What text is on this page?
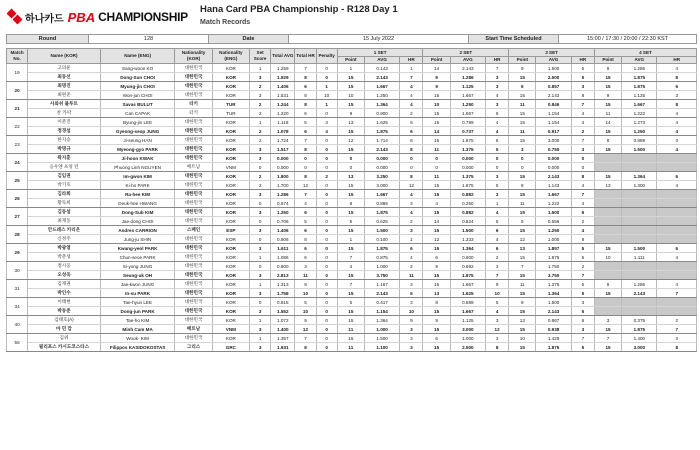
하나카드 PBA CHAMPIONSHIP
Hana Card PBA Championship - R128 Day 1
Match Records
Round	128	Date	15 July 2022	Start Time Scheduled	15:00 / 17:30 / 20:00 / 22:30 KST
Match No.	Name (KOR)	Name (ENG)	Nationality (KOR)	Nationality (ENG)	Set Score	Total AVG	Total HR	Penalty	1 SET			2 SET			3 SET			4 SET		
									Point	AVG	HR	Point	AVG	HR	Point	AVG	HR	Point	AVG	HR
19	고의운	Sang-woon KO	대한민국	KOR	1	1.259	7	0	1	0.143	1	14	2.143	7	9	1.500	5	9	1.286	4
	최동선	Dong-Sun CHOI	대한민국	KOR	3	1.929	8	0	15	2.143	7	9	1.286	3	15	2.500	5	15	1.875	8
20	최명진	Myung-jin CHOI	대한민국	KOR	2	1.406	6	1	15	1.667	4	9	1.125	3	6	0.857	3	15	1.875	6
	최원준	Won-jun CHOI	대한민국	KOR	3	1.531	8	10	10	1.250	4	15	1.667	4	15	2.143	8	9	1.125	3
21	사와쉬 불루트	Savas BULUT	터키	TUR	2	1.244	8	1	15	1.364	4	10	1.250	3	11	0.846	7	15	1.667	8
	찬 카팍	Can CAPAK	터키	TUR	2	1.220	6	0	9	0.900	2	15	1.667	6	15	1.154	4	11	1.222	4
22	이분진	Byung-jin LEE	대한민국	KOR	1	1.118	5	3	13	1.625	5	15	0.789	4	15	1.154	4	14	1.273	4
	정경섭	Gyeong-seop JUNG	대한민국	KOR	2	1.078	6	4	15	1.875	6	14	0.737	4	11	0.917	2	15	1.250	4
23	한지승	Ji-seung HAN	대한민국	KOR	2	1.724	7	0	12	1.714	6	15	1.875	6	15	3.000	7	8	0.889	3
	박명규	Myeong-gyo PARK	대한민국	KOR	3	1.517	8	0	15	2.143	8	11	1.375	5	3	0.750	3	15	1.500	4
24	곽지훈	Ji-hoon KWAK	대한민국	KOR	3	0.000	0	0	0	0.000	0	0	0.000	0	0	0.000	0			
	응우옌 프엉 린	Phuong Linh NGUYEN	베트남	VNM	0	0.000	0	0	0	0.000	0	0	0.000	0	0	0.000	0			
25	김임권	Im-gwon KIM	대한민국	KOR	2	1.800	8	2	13	3.250	8	11	1.375	3	15	2.143	8	15	1.364	6
	박기호	Ki-ho PARK	대한민국	KOR	2	1.700	12	0	15	3.000	12	15	1.875	5	8	1.143	4	13	1.300	4
26	김라희	Ra-hee KIM	대한민국	KOR	3	1.286	7	0	15	1.667	4	15	0.882	3	15	1.667	7			
	황득희	Deuk-hee HWANG	대한민국	KOR	0	0.674	4	0	8	0.889	3	4	0.250	1	11	1.222	4			
27	김동섭	Dong-Sub KIM	대한민국	KOR	3	1.250	6	0	15	1.875	4	15	0.882	4	15	1.500	6			
	최재동	Jae-dong CHOI	대한민국	KOR	0	0.706	5	0	5	0.625	2	14	0.824	5	5	0.556	2			
28	안드레스 카리온	Andres CARRION	스페인	ESP	3	1.406	6	0	15	1.500	3	15	1.500	6	15	1.250	4			
	신정주	Jung-ju SHIN	대한민국	KOR	0	0.806	8	0	1	0.100	1	12	1.333	4	12	1.000	8			
29	박광열	Kwang-yeol PARK	대한민국	KOR	3	1.611	6	0	15	1.875	6	15	1.364	6	13	1.857	5	15	1.500	6
	박춘성	Chun-seoe PARK	대한민국	KOR	1	1.086	6	0	7	0.875	4	6	0.600	2	15	1.875	5	10	1.111	4
30	정시웅	Si-yong JUNG	대한민국	KOR	0	0.800	3	0	4	1.000	2	9	0.692	3	7	1.750	2			
	오성욱	Seung-uk OH	대한민국	KOR	3	2.813	11	0	15	3.750	11	15	1.875	7	15	3.750	7			
31	김재권	Jae-kwon JUNG	대한민국	KOR	1	1.313	9	0	7	1.167	3	15	1.667	9	11	1.375	5	9	1.286	4
	박인수	In-su PARK	대한민국	KOR	3	1.758	10	0	15	2.143	5	13	1.625	10	15	1.364	5	15	2.143	7
34	이태현	Tae-hyun LEE	대한민국	KOR	0	0.815	5	0	5	0.417	3	8	0.889	5	9	1.500	3			
	박동준	Dong-jun PARK	대한민국	KOR	3	1.552	10	0	15	1.154	10	15	1.667	4	15	2.143	5			
40	김태호(A)	Tae-ho KIM	대한민국	KOR	1	1.072	9	0	15	1.364	9	9	1.125	3	13	0.867	6	3	0.375	2
	마 민 캄	Minh Cam MA	베트남	VNM	3	1.400	12	0	11	1.000	3	15	3.000	12	15	0.938	3	15	1.875	7
56	김위	Wook- KIM	대한민국	KOR	1	1.357	7	0	15	1.500	3	6	1.000	3	10	1.429	7	7	1.400	3
	필리포스 카시도코스타스	Filippos KASIDOKOSTAS	그리스	GRC	3	1.931	8	0	11	1.100	3	15	2.500	8	15	1.875	5	15	3.000	8
